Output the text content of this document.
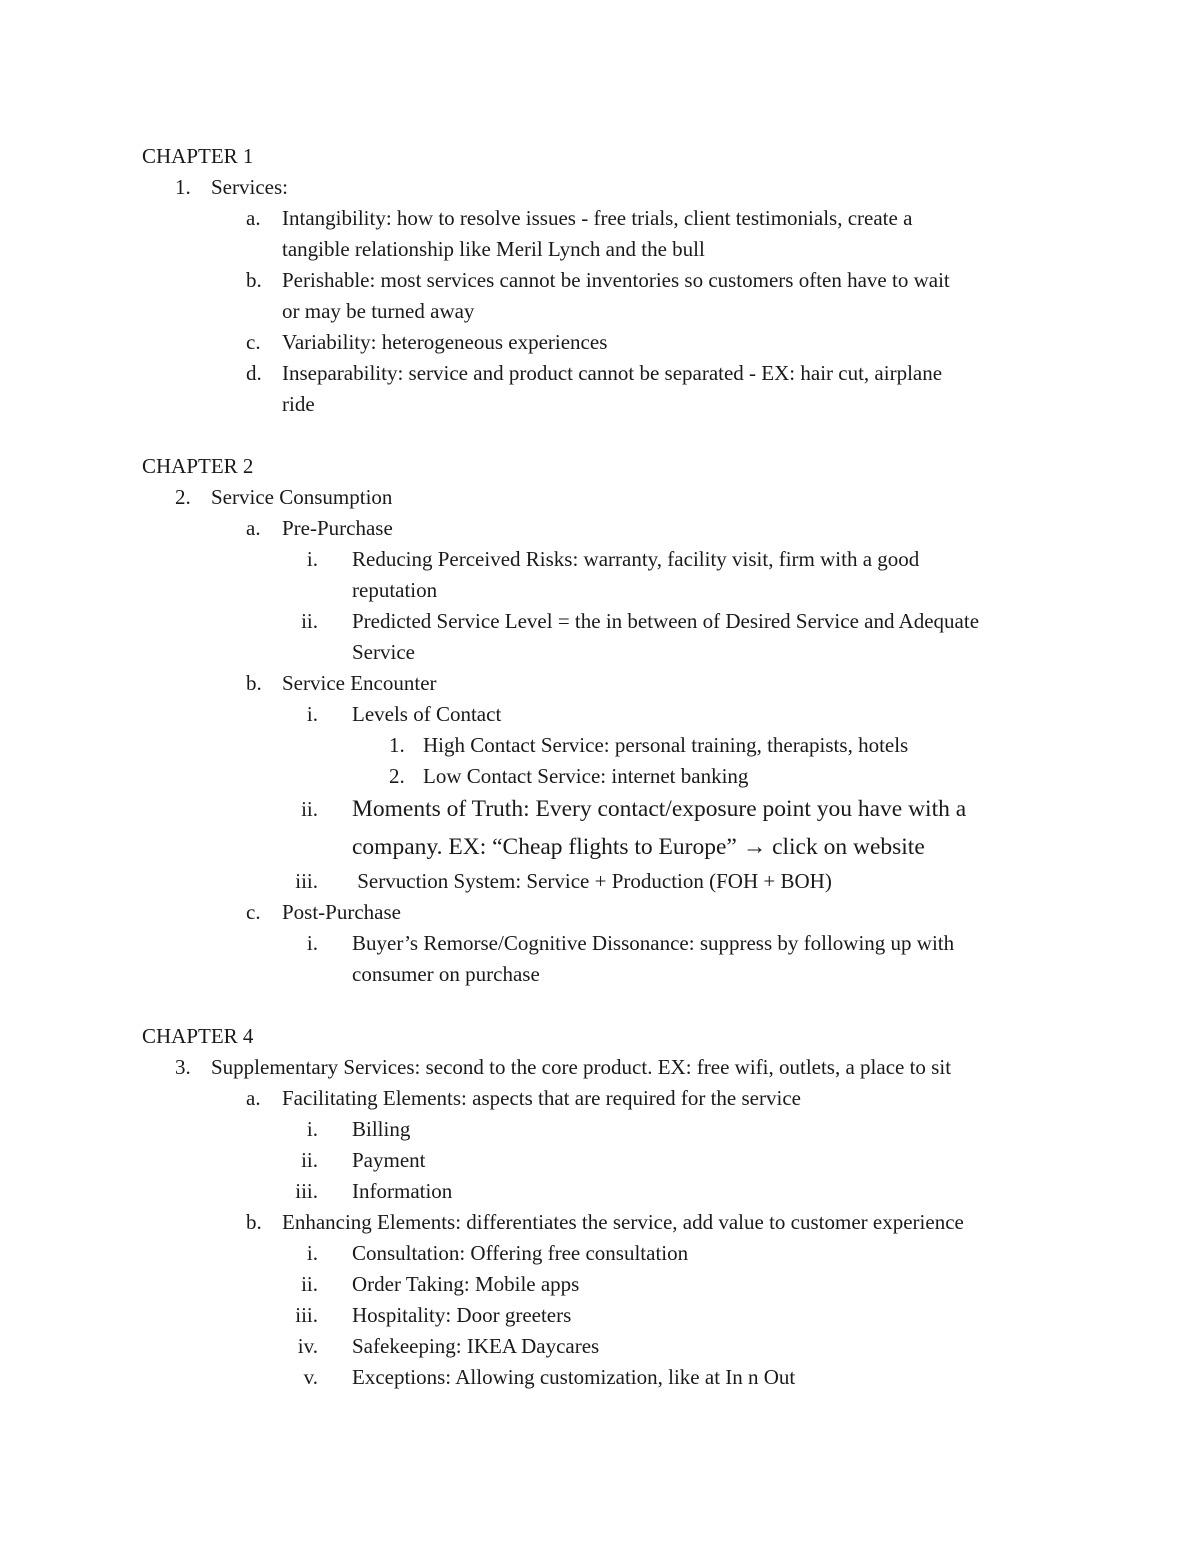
CHAPTER 1
1. Services:
a. Intangibility: how to resolve issues - free trials, client testimonials, create a
tangible relationship like Meril Lynch and the bull
b. Perishable: most services cannot be inventories so customers often have to wait
or may be turned away
c. Variability: heterogeneous experiences
d. Inseparability: service and product cannot be separated - EX: hair cut, airplane
ride
CHAPTER 2
2. Service Consumption
a. Pre-Purchase
i. Reducing Perceived Risks: warranty, facility visit, firm with a good
reputation
ii. Predicted Service Level = the in between of Desired Service and Adequate
Service
b. Service Encounter
i. Levels of Contact
1. High Contact Service: personal training, therapists, hotels
2. Low Contact Service: internet banking
ii. Moments of Truth: Every contact/exposure point you have with a
company. EX: “Cheap flights to Europe” → click on website
iii. Servuction System: Service + Production (FOH + BOH)
c. Post-Purchase
i. Buyer’s Remorse/Cognitive Dissonance: suppress by following up with
consumer on purchase
CHAPTER 4
3. Supplementary Services: second to the core product. EX: free wifi, outlets, a place to sit
a. Facilitating Elements: aspects that are required for the service
i. Billing
ii. Payment
iii. Information
b. Enhancing Elements: differentiates the service, add value to customer experience
i. Consultation: Offering free consultation
ii. Order Taking: Mobile apps
iii. Hospitality: Door greeters
iv. Safekeeping: IKEA Daycares
v. Exceptions: Allowing customization, like at In n Out
